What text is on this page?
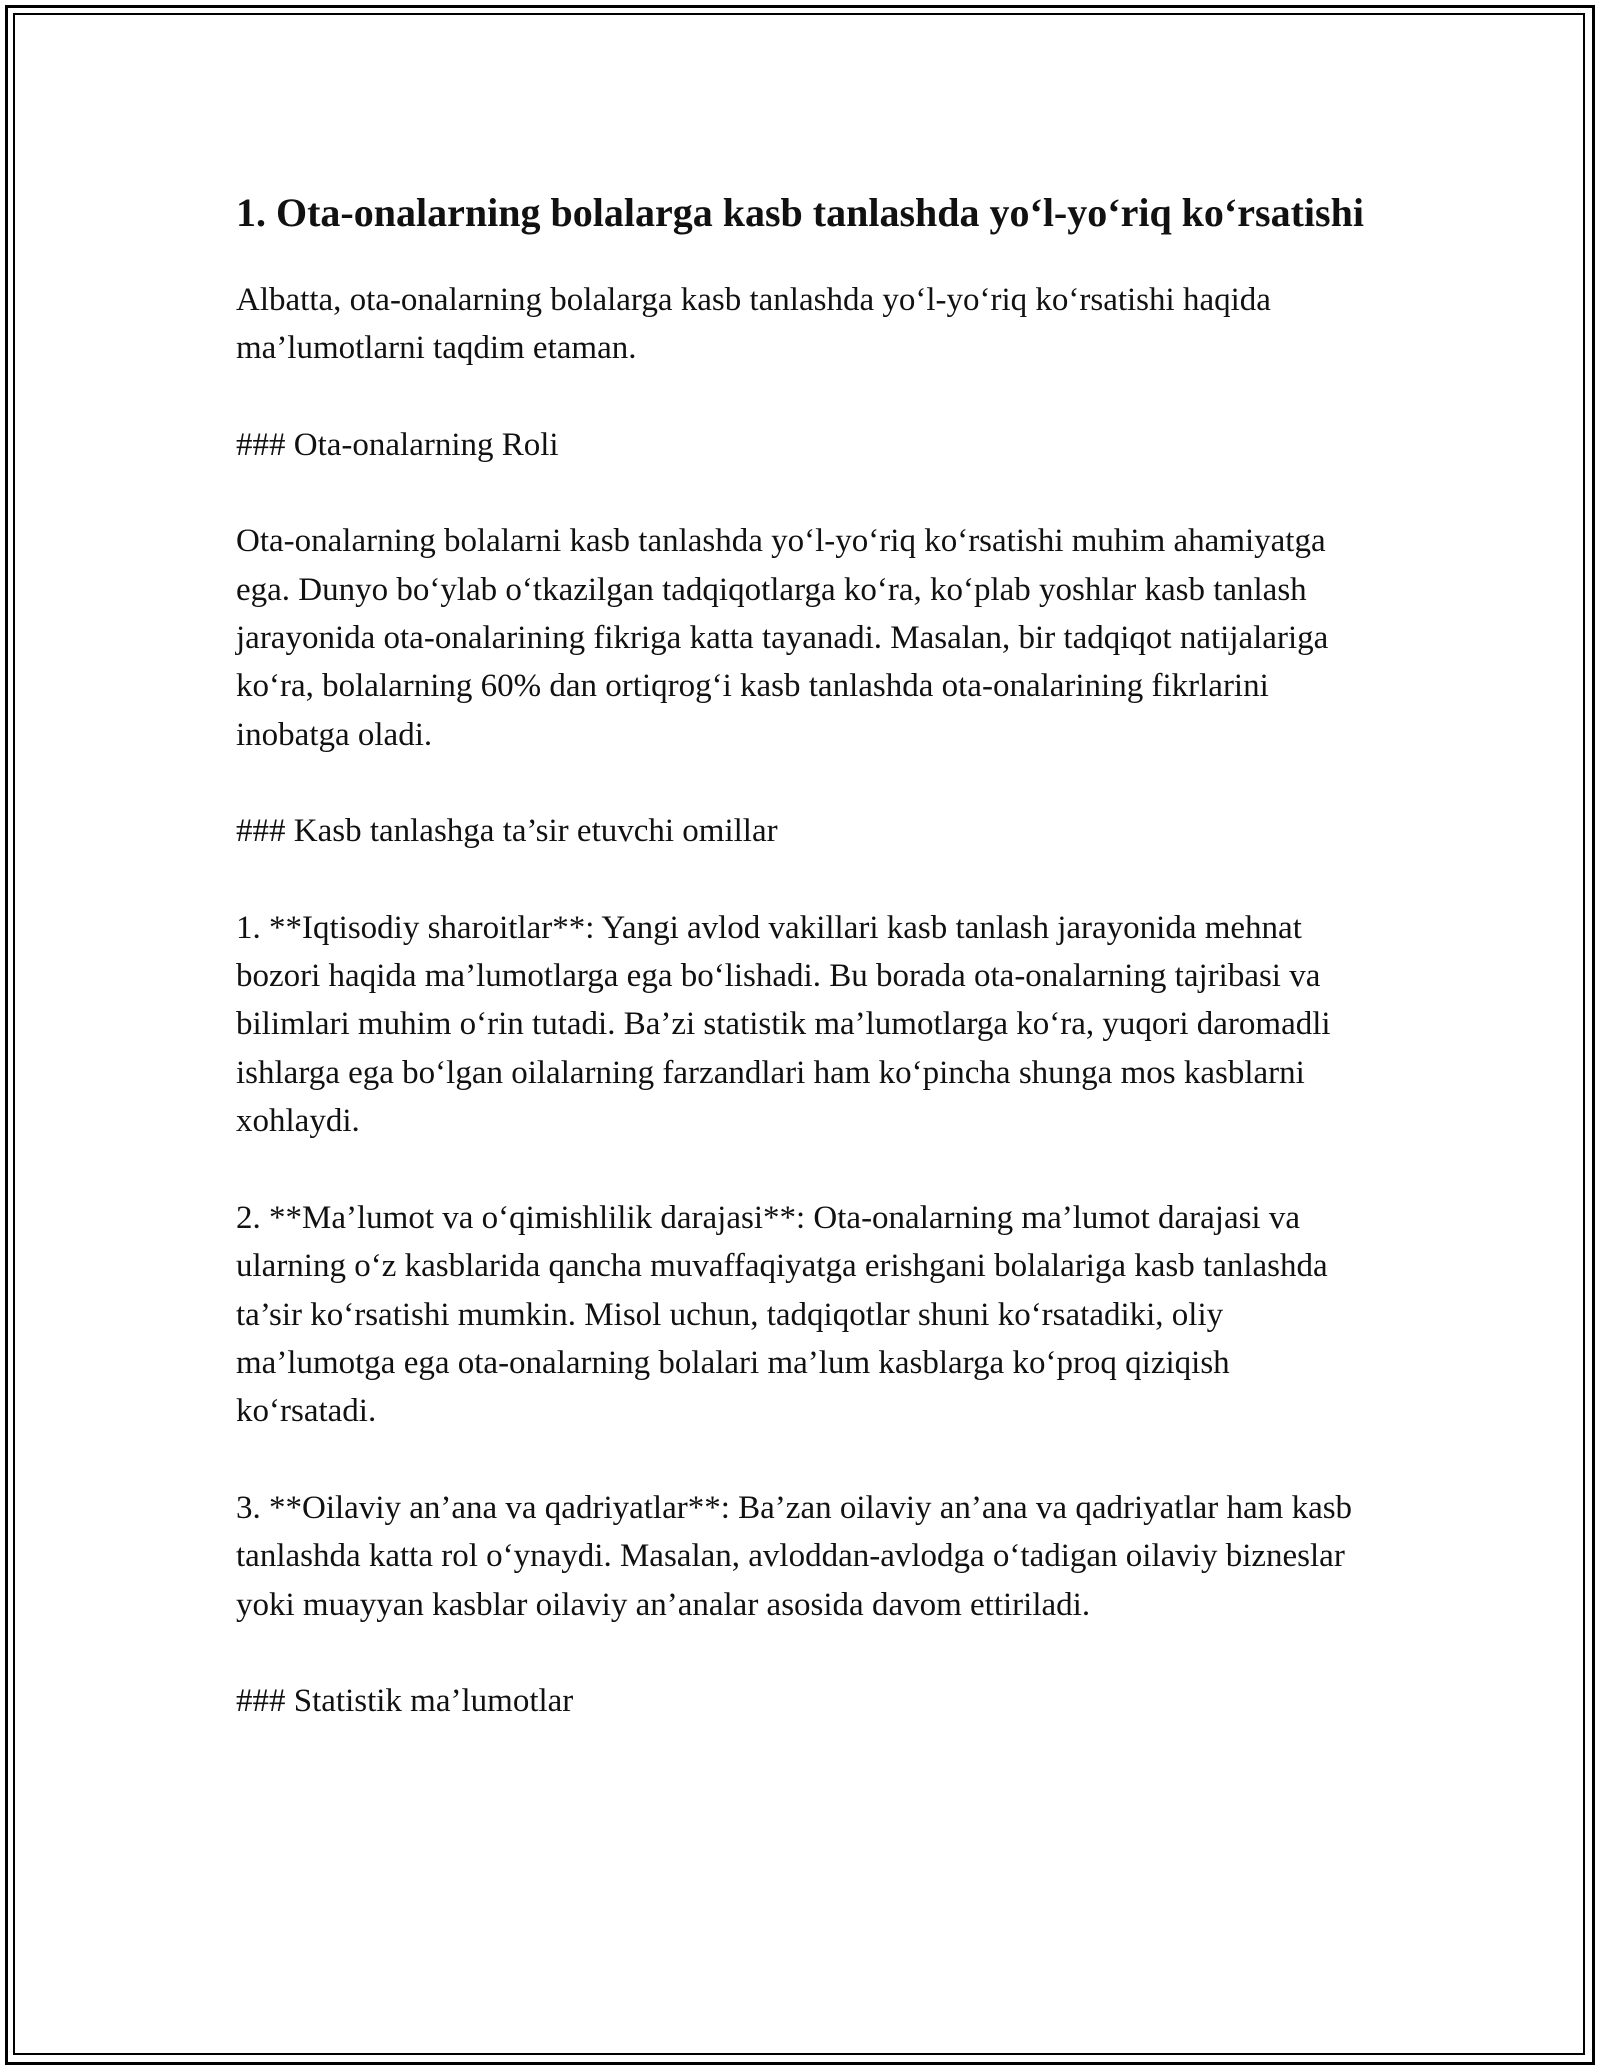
1. Ota-onalarning bolalarga kasb tanlashda yo‘l-yo‘riq ko‘rsatishi

Albatta, ota-onalarning bolalarga kasb tanlashda yo‘l-yo‘riq ko‘rsatishi haqida ma’lumotlarni taqdim etaman.

### Ota-onalarning Roli

Ota-onalarning bolalarni kasb tanlashda yo‘l-yo‘riq ko‘rsatishi muhim ahamiyatga ega. Dunyo bo‘ylab o‘tkazilgan tadqiqotlarga ko‘ra, ko‘plab yoshlar kasb tanlash jarayonida ota-onalarining fikriga katta tayanadi. Masalan, bir tadqiqot natijalariga ko‘ra, bolalarning 60% dan ortiqrog‘i kasb tanlashda ota-onalarining fikrlarini inobatga oladi.

### Kasb tanlashga ta’sir etuvchi omillar

1. **Iqtisodiy sharoitlar**: Yangi avlod vakillari kasb tanlash jarayonida mehnat bozori haqida ma’lumotlarga ega bo‘lishadi. Bu borada ota-onalarning tajribasi va bilimlari muhim o‘rin tutadi. Ba’zi statistik ma’lumotlarga ko‘ra, yuqori daromadli ishlarga ega bo‘lgan oilalarning farzandlari ham ko‘pincha shunga mos kasblarni xohlaydi.

2. **Ma’lumot va o‘qimishlilik darajasi**: Ota-onalarning ma’lumot darajasi va ularning o‘z kasblarida qancha muvaffaqiyatga erishgani bolalariga kasb tanlashda ta’sir ko‘rsatishi mumkin. Misol uchun, tadqiqotlar shuni ko‘rsatadiki, oliy ma’lumotga ega ota-onalarning bolalari ma’lum kasblarga ko‘proq qiziqish ko‘rsatadi.

3. **Oilaviy an’ana va qadriyatlar**: Ba’zan oilaviy an’ana va qadriyatlar ham kasb tanlashda katta rol o‘ynaydi. Masalan, avloddan-avlodga o‘tadigan oilaviy bizneslar yoki muayyan kasblar oilaviy an’analar asosida davom ettiriladi.

### Statistik ma’lumotlar
